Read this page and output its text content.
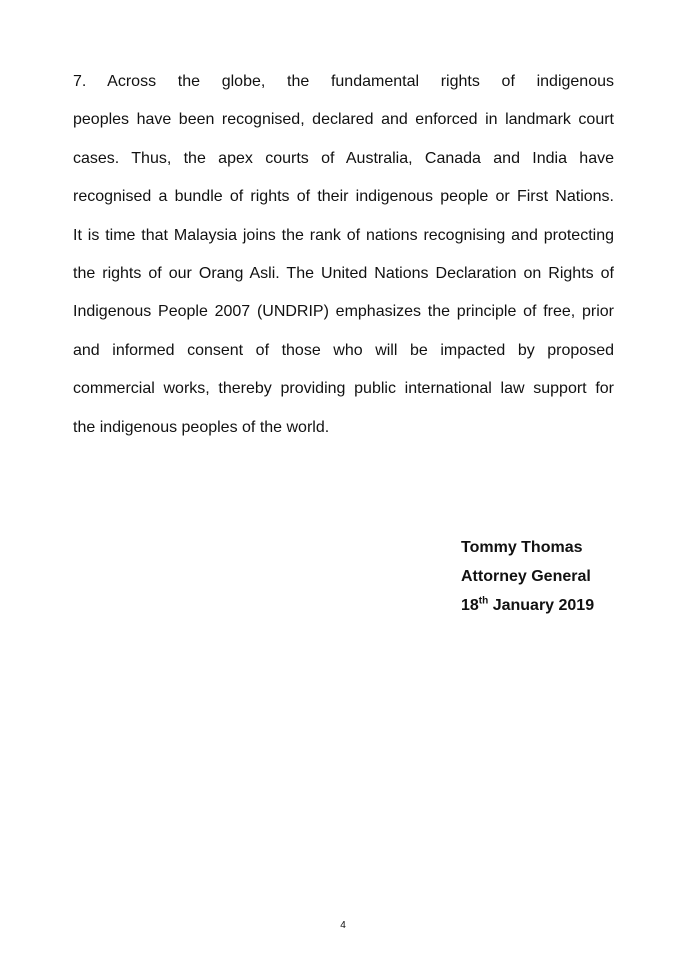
7. Across the globe, the fundamental rights of indigenous
peoples have been recognised, declared and enforced in landmark court
cases. Thus, the apex courts of Australia, Canada and India have
recognised a bundle of rights of their indigenous people or First Nations.
It is time that Malaysia joins the rank of nations recognising and protecting
the rights of our Orang Asli. The United Nations Declaration on Rights of
Indigenous People 2007 (UNDRIP) emphasizes the principle of free, prior
and informed consent of those who will be impacted by proposed
commercial works, thereby providing public international law support for
the indigenous peoples of the world.
Tommy Thomas
Attorney General
18th January 2019
4
